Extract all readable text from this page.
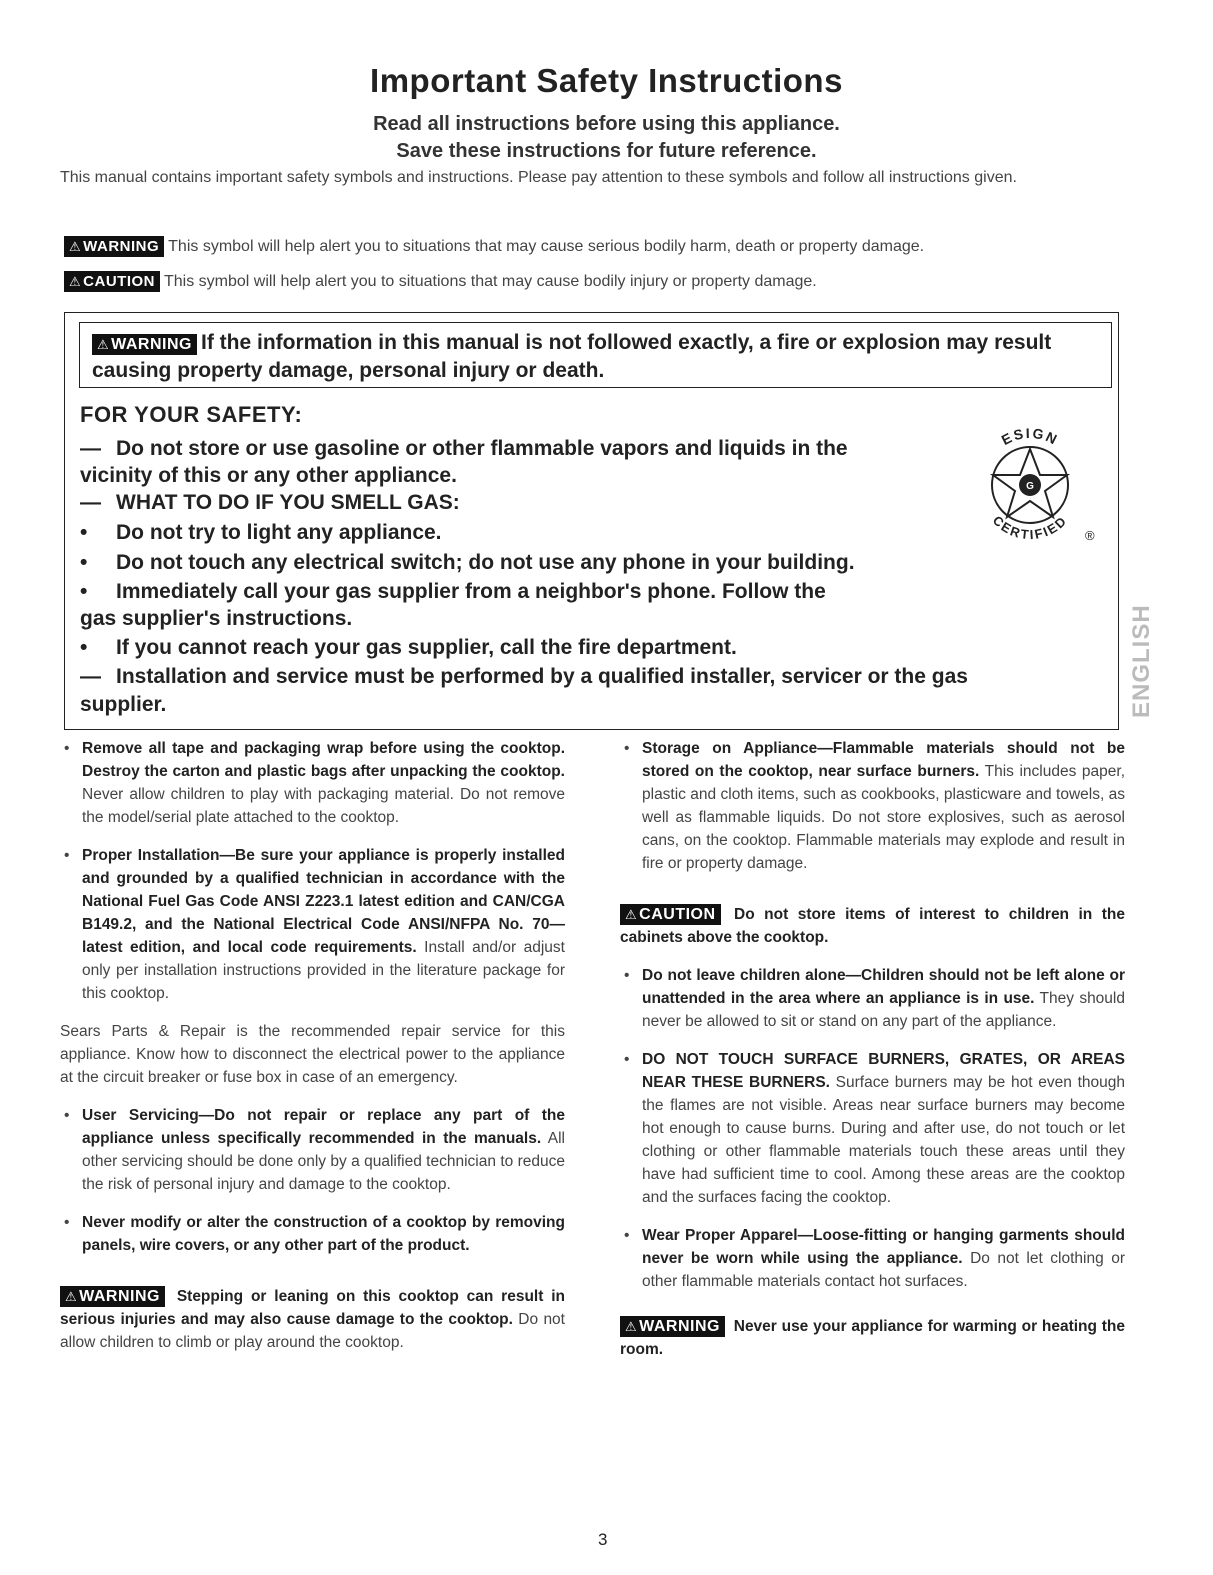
Important Safety Instructions
Read all instructions before using this appliance.
Save these instructions for future reference.
This manual contains important safety symbols and instructions. Please pay attention to these symbols and follow all instructions given.
⚠ WARNING This symbol will help alert you to situations that may cause serious bodily harm, death or property damage.
⚠ CAUTION This symbol will help alert you to situations that may cause bodily injury or property damage.
⚠ WARNING If the information in this manual is not followed exactly, a fire or explosion may result causing property damage, personal injury or death.
FOR YOUR SAFETY:
— Do not store or use gasoline or other flammable vapors and liquids in the
vicinity of this or any other appliance.
— WHAT TO DO IF YOU SMELL GAS:
• Do not try to light any appliance.
• Do not touch any electrical switch; do not use any phone in your building.
• Immediately call your gas supplier from a neighbor's phone. Follow the
gas supplier's instructions.
• If you cannot reach your gas supplier, call the fire department.
— Installation and service must be performed by a qualified installer, servicer or the gas
supplier.
G
ESIGN
CERTIFIED
®
ENGLISH
• Remove all tape and packaging wrap before using the cooktop. Destroy the carton and plastic bags after unpacking the cooktop. Never allow children to play with packaging material. Do not remove the model/serial plate attached to the cooktop.
• Proper Installation—Be sure your appliance is properly installed and grounded by a qualified technician in accordance with the National Fuel Gas Code ANSI Z223.1 latest edition and CAN/CGA B149.2, and the National Electrical Code ANSI/NFPA No. 70—latest edition, and local code requirements. Install and/or adjust only per installation instructions provided in the literature package for this cooktop.
Sears Parts & Repair is the recommended repair service for this appliance. Know how to disconnect the electrical power to the appliance at the circuit breaker or fuse box in case of an emergency.
• User Servicing—Do not repair or replace any part of the appliance unless specifically recommended in the manuals. All other servicing should be done only by a qualified technician to reduce the risk of personal injury and damage to the cooktop.
• Never modify or alter the construction of a cooktop by removing panels, wire covers, or any other part of the product.
⚠ WARNING Stepping or leaning on this cooktop can result in serious injuries and may also cause damage to the cooktop. Do not allow children to climb or play around the cooktop.
• Storage on Appliance—Flammable materials should not be stored on the cooktop, near surface burners. This includes paper, plastic and cloth items, such as cookbooks, plasticware and towels, as well as flammable liquids. Do not store explosives, such as aerosol cans, on the cooktop. Flammable materials may explode and result in fire or property damage.
⚠ CAUTION Do not store items of interest to children in the cabinets above the cooktop.
• Do not leave children alone—Children should not be left alone or unattended in the area where an appliance is in use. They should never be allowed to sit or stand on any part of the appliance.
• DO NOT TOUCH SURFACE BURNERS, GRATES, OR AREAS NEAR THESE BURNERS. Surface burners may be hot even though the flames are not visible. Areas near surface burners may become hot enough to cause burns. During and after use, do not touch or let clothing or other flammable materials touch these areas until they have had sufficient time to cool. Among these areas are the cooktop and the surfaces facing the cooktop.
• Wear Proper Apparel—Loose-fitting or hanging garments should never be worn while using the appliance. Do not let clothing or other flammable materials contact hot surfaces.
⚠ WARNING Never use your appliance for warming or heating the room.
3
